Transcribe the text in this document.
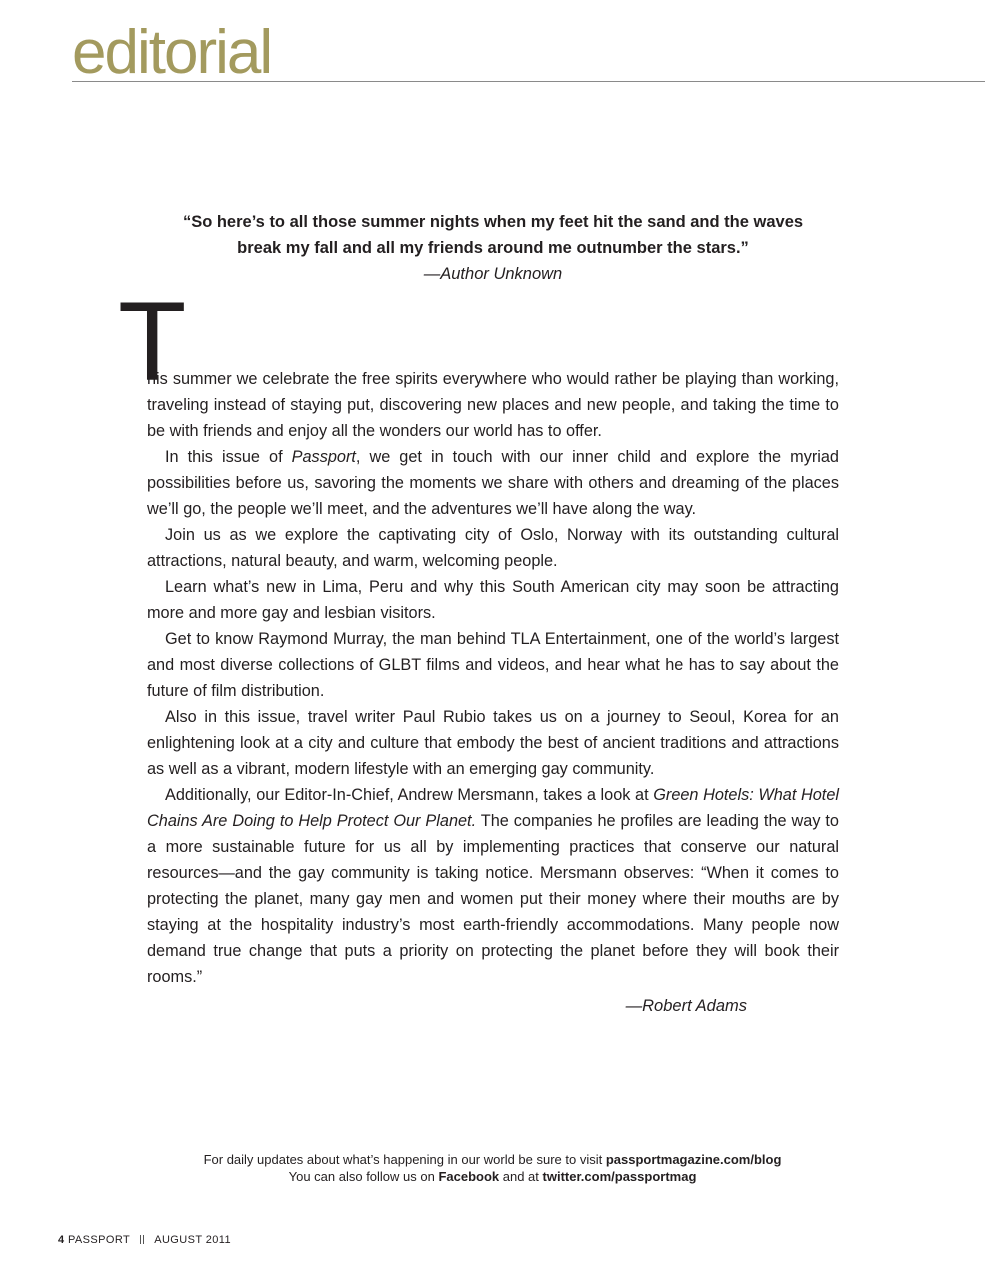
editorial

“So here’s to all those summer nights when my feet hit the sand and the waves
break my fall and all my friends around me outnumber the stars.”

—Author Unknown

T

his summer we celebrate the free spirits everywhere who would rather be playing than working, traveling instead of staying put, discovering new places and new people, and taking the time to be with friends and enjoy all the wonders our world has to offer.

In this issue of Passport, we get in touch with our inner child and explore the myriad possibilities before us, savoring the moments we share with others and dreaming of the places we’ll go, the people we’ll meet, and the adventures we’ll have along the way.

Join us as we explore the captivating city of Oslo, Norway with its outstanding cultural attractions, natural beauty, and warm, welcoming people.

Learn what’s new in Lima, Peru and why this South American city may soon be attracting more and more gay and lesbian visitors.

Get to know Raymond Murray, the man behind TLA Entertainment, one of the world’s largest and most diverse collections of GLBT films and videos, and hear what he has to say about the future of film distribution.

Also in this issue, travel writer Paul Rubio takes us on a journey to Seoul, Korea for an enlightening look at a city and culture that embody the best of ancient traditions and attractions as well as a vibrant, modern lifestyle with an emerging gay community.

Additionally, our Editor-In-Chief, Andrew Mersmann, takes a look at Green Hotels: What Hotel Chains Are Doing to Help Protect Our Planet. The companies he profiles are leading the way to a more sustainable future for us all by implementing practices that conserve our natural resources—and the gay community is taking notice. Mersmann observes: “When it comes to protecting the planet, many gay men and women put their money where their mouths are by staying at the hospitality industry’s most earth-friendly accommodations. Many people now demand true change that puts a priority on protecting the planet before they will book their rooms.”

—Robert Adams

For daily updates about what’s happening in our world be sure to visit passportmagazine.com/blog

You can also follow us on Facebook and at twitter.com/passportmag

4 PASSPORT AUGUST 2011
